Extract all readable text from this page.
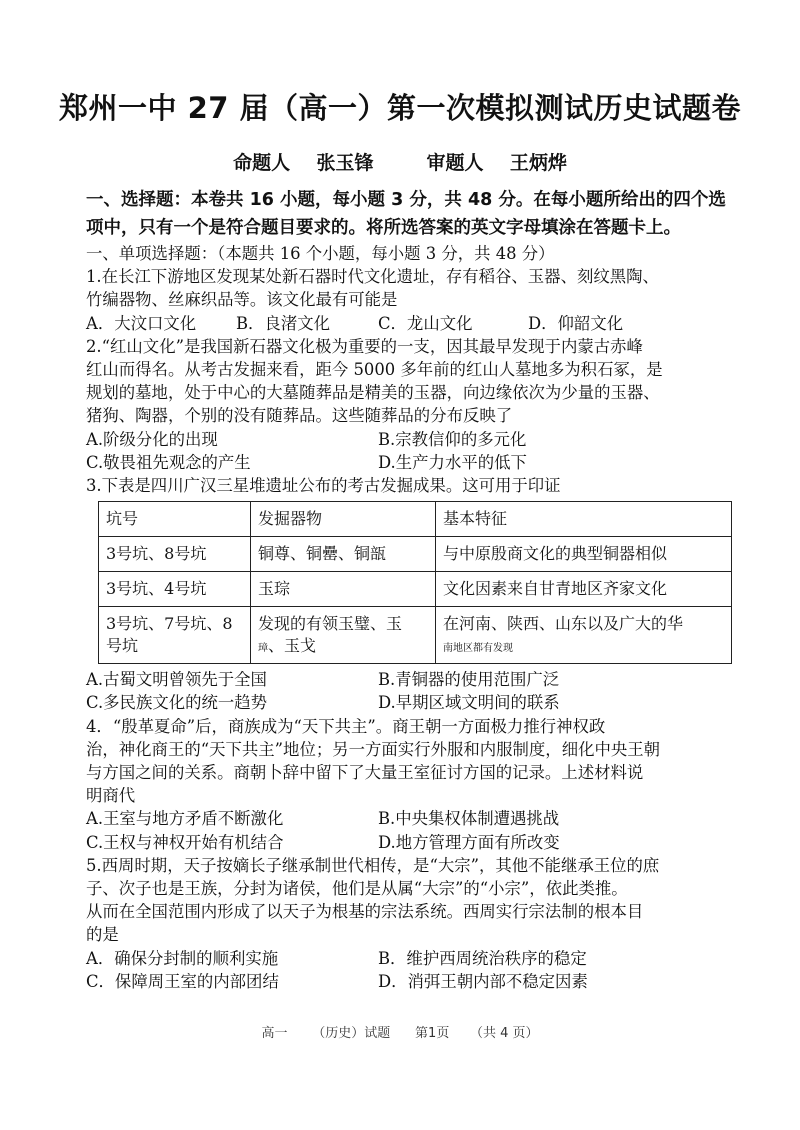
郑州一中 27 届（高一）第一次模拟测试历史试题卷
命题人    张玉锋        审题人    王炳烨
一、选择题：本卷共 16 小题，每小题 3 分，共 48 分。在每小题所给出的四个选
项中，只有一个是符合题目要求的。将所选答案的英文字母填涂在答题卡上。
一、单项选择题：（本题共 16 个小题，每小题 3 分，共 48 分）
1.在长江下游地区发现某处新石器时代文化遗址，存有稻谷、玉器、刻纹黑陶、
竹编器物、丝麻织品等。该文化最有可能是
A．大汶口文化	B．良渚文化	C．龙山文化	D．仰韶文化
2.“红山文化”是我国新石器文化极为重要的一支，因其最早发现于内蒙古赤峰
红山而得名。从考古发掘来看，距今 5000 多年前的红山人墓地多为积石冢，是
规划的墓地，处于中心的大墓随葬品是精美的玉器，向边缘依次为少量的玉器、
猪狗、陶器，个别的没有随葬品。这些随葬品的分布反映了
A.阶级分化的出现	B.宗教信仰的多元化
C.敬畏祖先观念的产生	D.生产力水平的低下
3.下表是四川广汉三星堆遗址公布的考古发掘成果。这可用于印证
坑号	发掘器物	基本特征
3号坑、8号坑	铜尊、铜罍、铜瓿	与中原殷商文化的典型铜器相似
3号坑、4号坑	玉琮	文化因素来自甘青地区齐家文化
3号坑、7号坑、8号坑	发现的有领玉璧、玉
璋、玉戈	在河南、陕西、山东以及广大的华
南地区都有发现
A.古蜀文明曾领先于全国	B.青铜器的使用范围广泛
C.多民族文化的统一趋势	D.早期区域文明间的联系
4．“殷革夏命”后，商族成为“天下共主”。商王朝一方面极力推行神权政
治，神化商王的“天下共主”地位；另一方面实行外服和内服制度，细化中央王朝
与方国之间的关系。商朝卜辞中留下了大量王室征讨方国的记录。上述材料说
明商代
A.王室与地方矛盾不断激化	B.中央集权体制遭遇挑战
C.王权与神权开始有机结合	D.地方管理方面有所改变
5.西周时期，天子按嫡长子继承制世代相传，是“大宗”，其他不能继承王位的庶
子、次子也是王族，分封为诸侯，他们是从属“大宗”的“小宗”，依此类推。
从而在全国范围内形成了以天子为根基的宗法系统。西周实行宗法制的根本目
的是
A．确保分封制的顺利实施	B．维护西周统治秩序的稳定
C．保障周王室的内部团结	D．消弭王朝内部不稳定因素
高一      （历史）试题      第1页     （共 4 页）
